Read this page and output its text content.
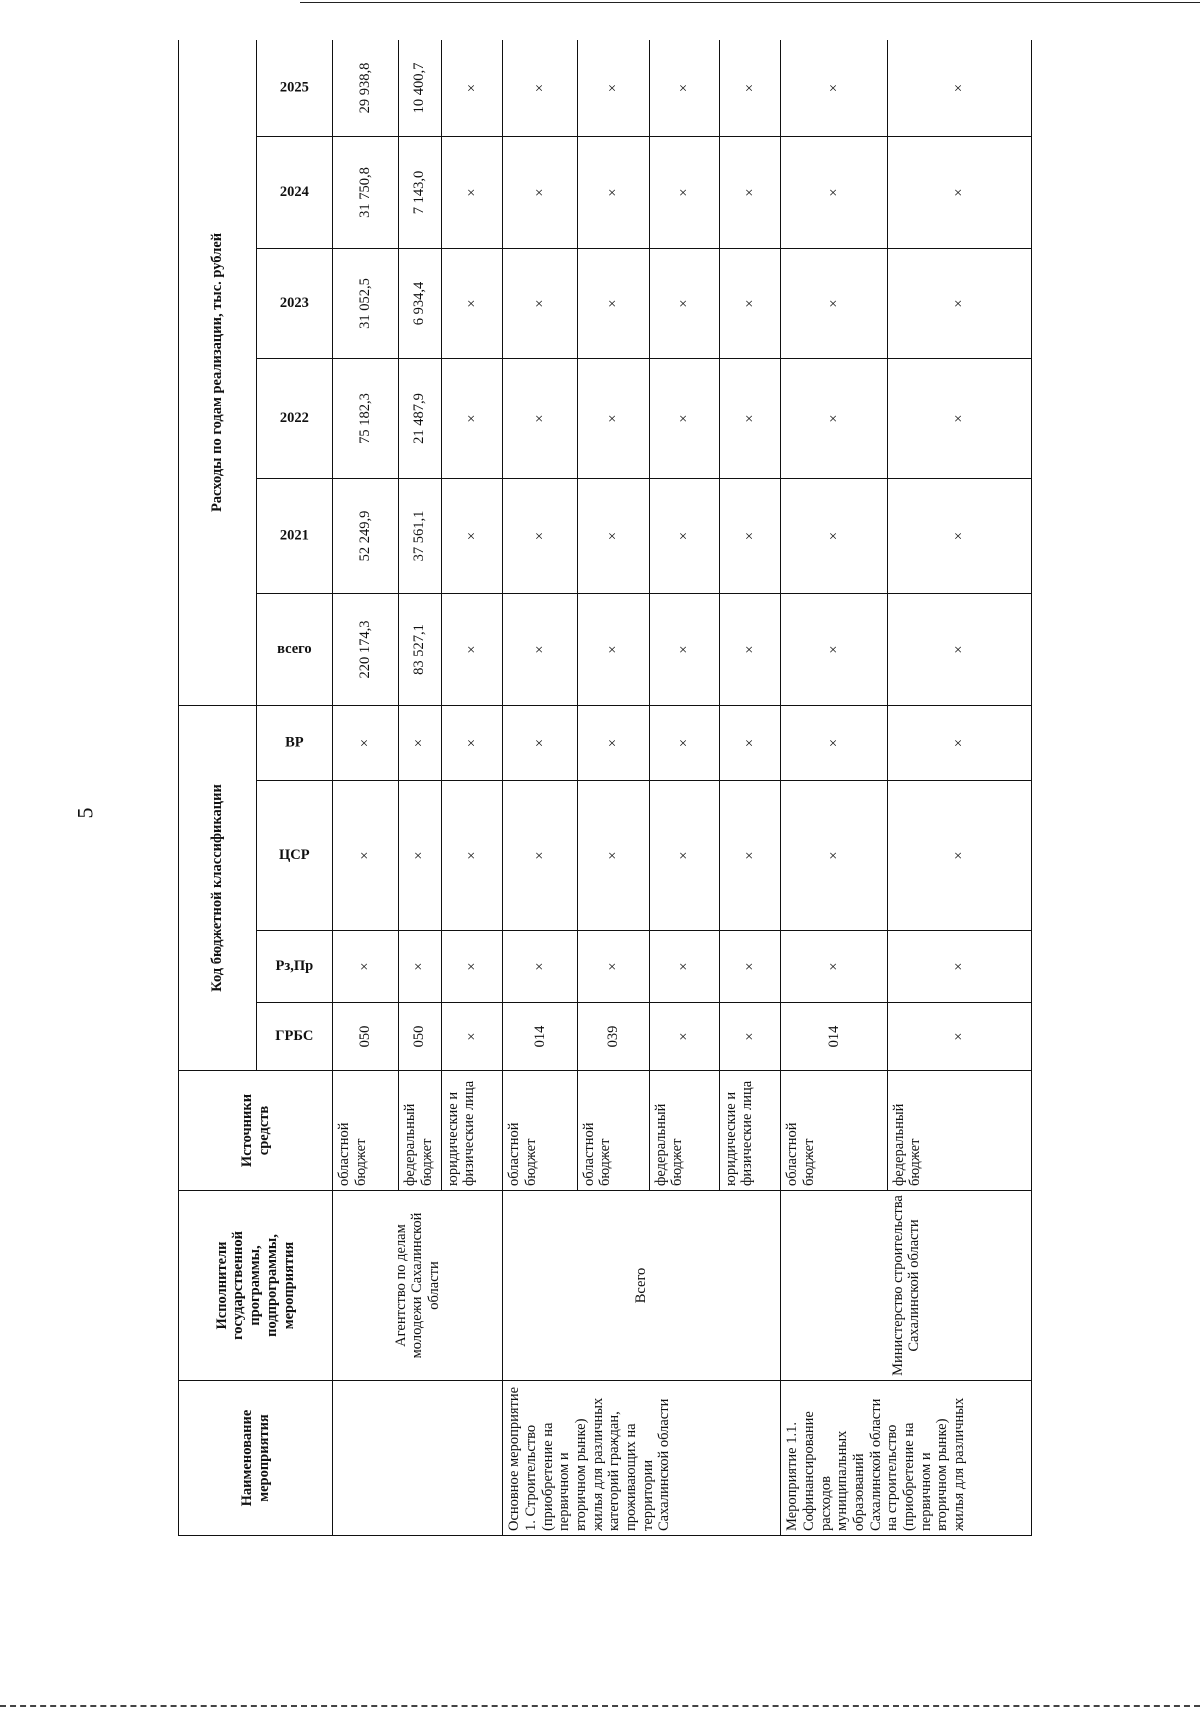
5
Наименование мероприятия	Исполнители государственной программы, подпрограммы, мероприятия	Источники средств	Код бюджетной классификации				Расходы по годам реализации, тыс. рублей					

			ГРБС	Рз,Пр	ЦСР	ВР	всего	2021	2022	2023	2024	2025

	Агентство по делам молодежи Сахалинской области	областной бюджет	050	×	×	×	220 174,3	52 249,9	75 182,3	31 052,5	31 750,8	29 938,8
		федеральный бюджет	050	×	×	×	83 527,1	37 561,1	21 487,9	6 934,4	7 143,0	10 400,7
		юридические и физические лица	×	×	×	×	×	×	×	×	×	×
Основное мероприятие 1. Строительство (приобретение на первичном и вторичном рынке) жилья для различных категорий граждан, проживающих на территории Сахалинской области	Всего	областной бюджет	014	×	×	×	×	×	×	×	×	×
		областной бюджет	039	×	×	×	×	×	×	×	×	×
		федеральный бюджет	×	×	×	×	×	×	×	×	×	×
		юридические и физические лица	×	×	×	×	×	×	×	×	×	×
Мероприятие 1.1. Софинансирование расходов муниципальных образований Сахалинской области на строительство (приобретение на первичном и вторичном рынке) жилья для различных	Министерство строительства Сахалинской области	областной бюджет	014	×	×	×	×	×	×	×	×	×
		федеральный бюджет	×	×	×	×	×	×	×	×	×	×
